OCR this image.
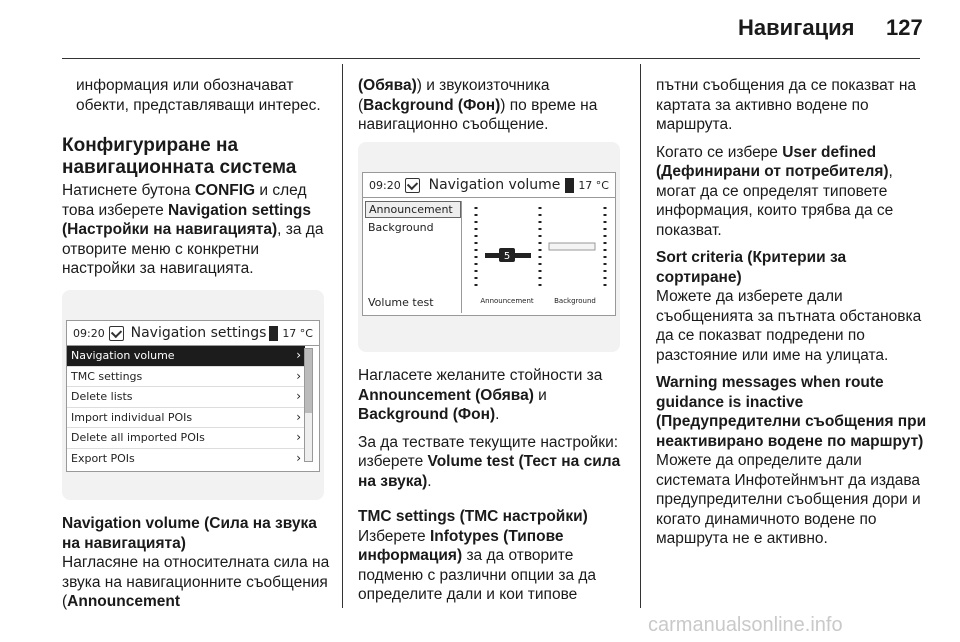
Навигация 127

информация или обозначават обекти, представляващи интерес.

Конфигуриране на навигационната система

Натиснете бутона CONFIG и след това изберете Navigation settings (Настройки на навигацията), за да отворите меню с конкретни настройки за навигацията.

09:20 Navigation settings 17 °C
Navigation volume	›
TMC settings	›
Delete lists	›
Import individual POIs	›
Delete all imported POIs	›
Export POIs	›
Navigation volume (Сила на звука на навигацията)

Нагласяне на относителната сила на звука на навигационните съобщения (Announcement

(Обява)) и звукоизточника (Background (Фон)) по време на навигационно съобщение.

09:20	Navigation volume	17 °C
Announcement
Background
Volume test
5
Announcement	Background

Нагласете желаните стойности за Announcement (Обява) и Background (Фон).

За да тествате текущите настройки: изберете Volume test (Тест на сила на звука).

TMC settings (TMC настройки)

Изберете Infotypes (Типове информация) за да отворите подменю с различни опции за да определите дали и кои типове

пътни съобщения да се показват на картата за активно водене по маршрута.

Когато се избере User defined (Дефинирани от потребителя), могат да се определят типовете информация, които трябва да се показват.

Sort criteria (Критерии за сортиране)

Можете да изберете дали съобщенията за пътната обстановка да се показват подредени по разстояние или име на улицата.

Warning messages when route guidance is inactive (Предупредителни съобщения при неактивирано водене по маршрут)

Можете да определите дали системата Инфотейнмънт да издава предупредителни съобщения дори и когато динамичното водене по маршрута не е активно.

carmanualsonline.info
